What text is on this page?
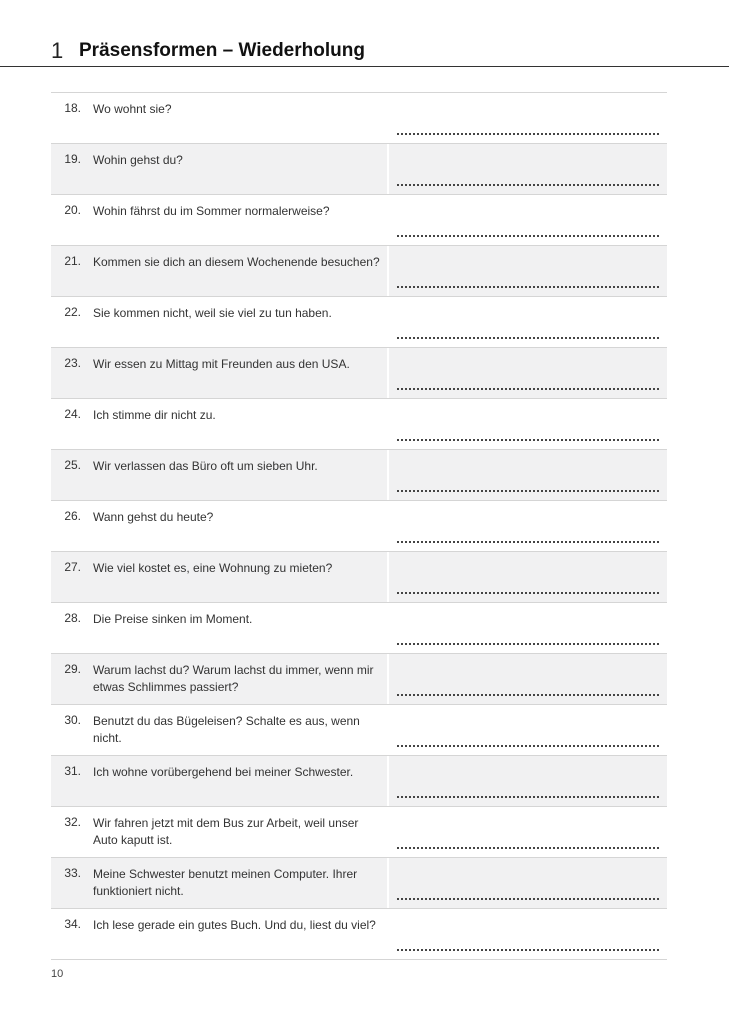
1 Präsensformen – Wiederholung
18. Wo wohnt sie?
19. Wohin gehst du?
20. Wohin fährst du im Sommer normalerweise?
21. Kommen sie dich an diesem Wochenende besuchen?
22. Sie kommen nicht, weil sie viel zu tun haben.
23. Wir essen zu Mittag mit Freunden aus den USA.
24. Ich stimme dir nicht zu.
25. Wir verlassen das Büro oft um sieben Uhr.
26. Wann gehst du heute?
27. Wie viel kostet es, eine Wohnung zu mieten?
28. Die Preise sinken im Moment.
29. Warum lachst du? Warum lachst du immer, wenn mir etwas Schlimmes passiert?
30. Benutzt du das Bügeleisen? Schalte es aus, wenn nicht.
31. Ich wohne vorübergehend bei meiner Schwester.
32. Wir fahren jetzt mit dem Bus zur Arbeit, weil unser Auto kaputt ist.
33. Meine Schwester benutzt meinen Computer. Ihrer funktioniert nicht.
34. Ich lese gerade ein gutes Buch. Und du, liest du viel?
10
